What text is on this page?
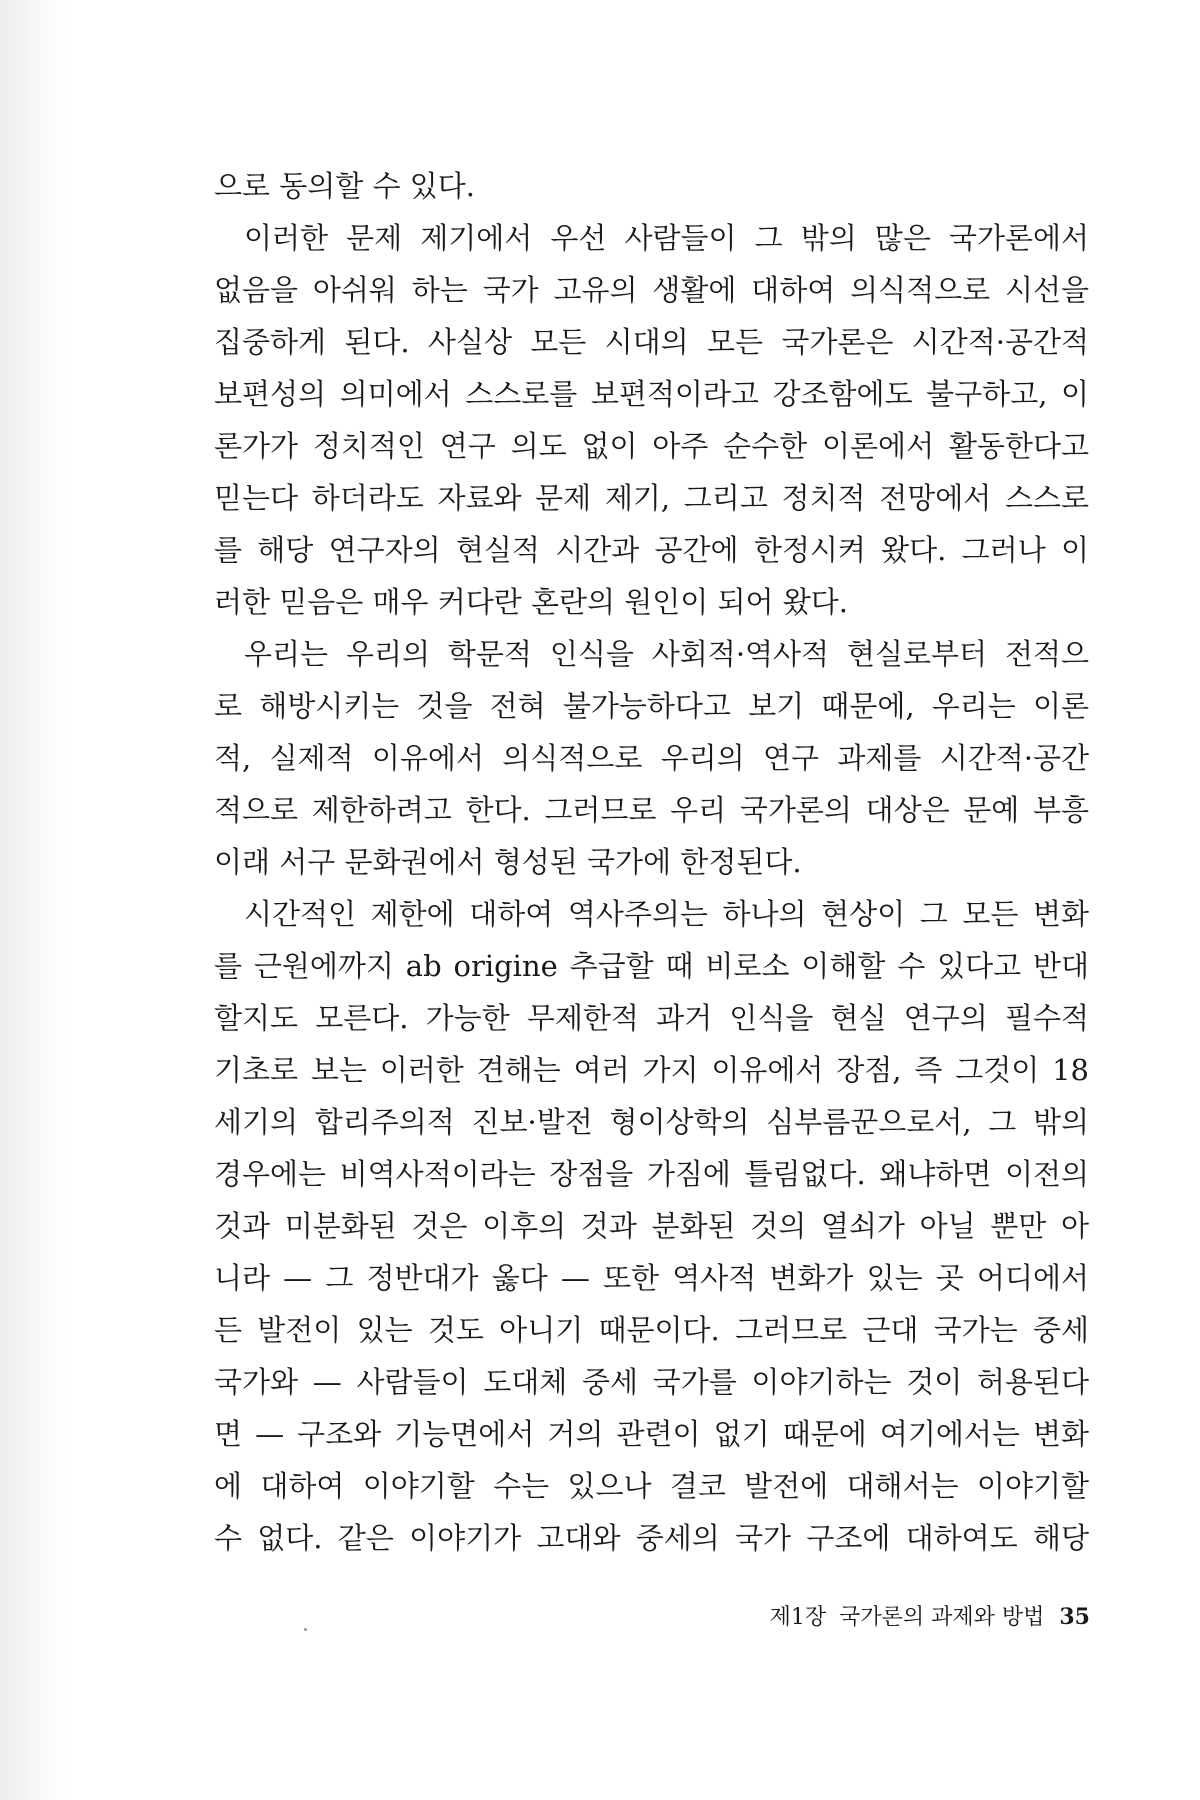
으로 동의할 수 있다.
이러한 문제 제기에서 우선 사람들이 그 밖의 많은 국가론에서
없음을 아쉬워 하는 국가 고유의 생활에 대하여 의식적으로 시선을
집중하게 된다. 사실상 모든 시대의 모든 국가론은 시간적·공간적
보편성의 의미에서 스스로를 보편적이라고 강조함에도 불구하고, 이
론가가 정치적인 연구 의도 없이 아주 순수한 이론에서 활동한다고
믿는다 하더라도 자료와 문제 제기, 그리고 정치적 전망에서 스스로
를 해당 연구자의 현실적 시간과 공간에 한정시켜 왔다. 그러나 이
러한 믿음은 매우 커다란 혼란의 원인이 되어 왔다.
우리는 우리의 학문적 인식을 사회적·역사적 현실로부터 전적으
로 해방시키는 것을 전혀 불가능하다고 보기 때문에, 우리는 이론
적, 실제적 이유에서 의식적으로 우리의 연구 과제를 시간적·공간
적으로 제한하려고 한다. 그러므로 우리 국가론의 대상은 문예 부흥
이래 서구 문화권에서 형성된 국가에 한정된다.
시간적인 제한에 대하여 역사주의는 하나의 현상이 그 모든 변화
를 근원에까지 ab origine 추급할 때 비로소 이해할 수 있다고 반대
할지도 모른다. 가능한 무제한적 과거 인식을 현실 연구의 필수적
기초로 보는 이러한 견해는 여러 가지 이유에서 장점, 즉 그것이 18
세기의 합리주의적 진보·발전 형이상학의 심부름꾼으로서, 그 밖의
경우에는 비역사적이라는 장점을 가짐에 틀림없다. 왜냐하면 이전의
것과 미분화된 것은 이후의 것과 분화된 것의 열쇠가 아닐 뿐만 아
니라 — 그 정반대가 옳다 — 또한 역사적 변화가 있는 곳 어디에서
든 발전이 있는 것도 아니기 때문이다. 그러므로 근대 국가는 중세
국가와 — 사람들이 도대체 중세 국가를 이야기하는 것이 허용된다
면 — 구조와 기능면에서 거의 관련이 없기 때문에 여기에서는 변화
에 대하여 이야기할 수는 있으나 결코 발전에 대해서는 이야기할
수 없다. 같은 이야기가 고대와 중세의 국가 구조에 대하여도 해당
제1장 국가론의 과제와 방법 35
